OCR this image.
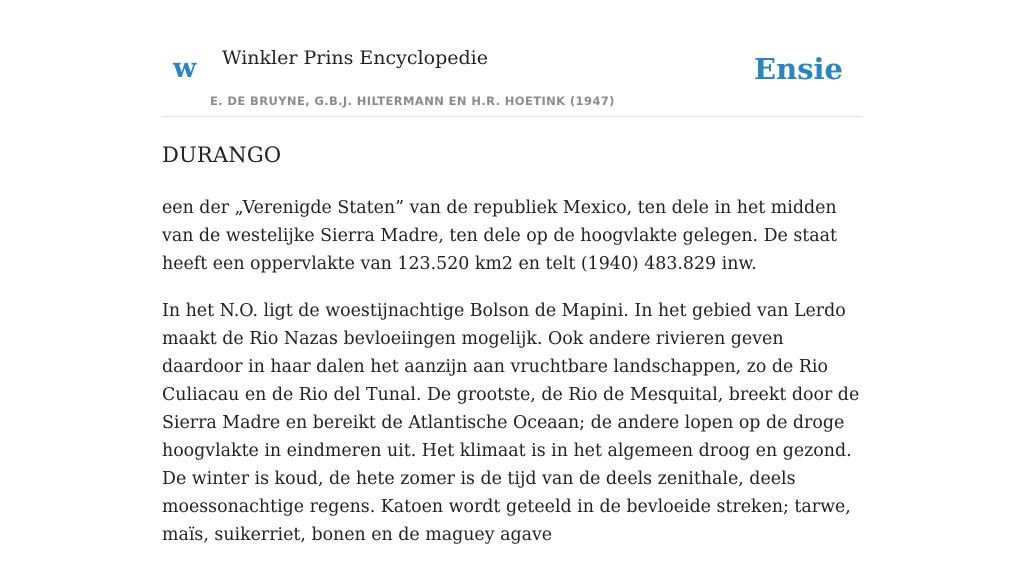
w Winkler Prins Encyclopedie	Ensie
E. DE BRUYNE, G.B.J. HILTERMANN EN H.R. HOETINK (1947)
DURANGO

een der „Verenigde Staten” van de republiek Mexico, ten dele in het midden van de westelijke Sierra Madre, ten dele op de hoogvlakte gelegen. De staat heeft een oppervlakte van 123.520 km2 en telt (1940) 483.829 inw.

In het N.O. ligt de woestijnachtige Bolson de Mapini. In het gebied van Lerdo maakt de Rio Nazas bevloeiingen mogelijk. Ook andere rivieren geven daardoor in haar dalen het aanzijn aan vruchtbare landschappen, zo de Rio Culiacau en de Rio del Tunal. De grootste, de Rio de Mesquital, breekt door de Sierra Madre en bereikt de Atlantische Oceaan; de andere lopen op de droge hoogvlakte in eindmeren uit. Het klimaat is in het algemeen droog en gezond. De winter is koud, de hete zomer is de tijd van de deels zenithale, deels moessonachtige regens. Katoen wordt geteeld in de bevloeide streken; tarwe, maïs, suikerriet, bonen en de maguey agave
